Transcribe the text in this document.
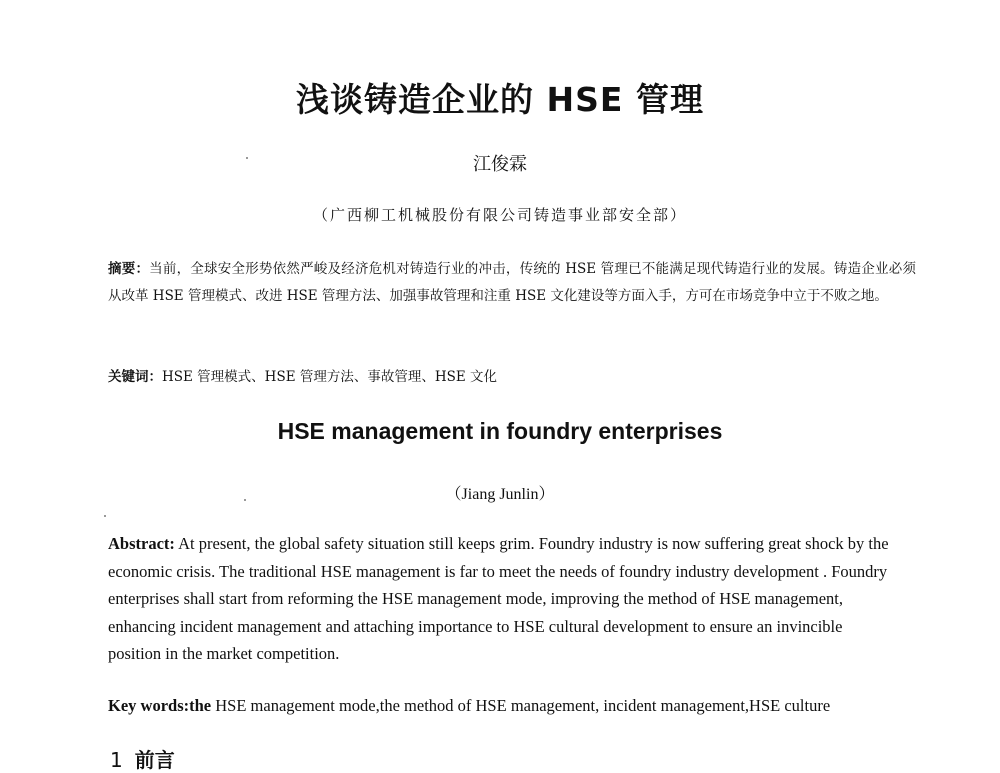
浅谈铸造企业的 HSE 管理

江俊霖

（广西柳工机械股份有限公司铸造事业部安全部）

摘要：当前，全球安全形势依然严峻及经济危机对铸造行业的冲击，传统的 HSE 管理已不能满足现代铸造行业的发展。铸造企业必须从改革 HSE 管理模式、改进 HSE 管理方法、加强事故管理和注重 HSE 文化建设等方面入手，方可在市场竞争中立于不败之地。

关键词：HSE 管理模式、HSE 管理方法、事故管理、HSE 文化

HSE management in foundry enterprises

（Jiang Junlin）

Abstract: At present, the global safety situation still keeps grim. Foundry industry is now suffering great shock by the economic crisis. The traditional HSE management is far to meet the needs of foundry industry development . Foundry enterprises shall start from reforming the HSE management mode, improving the method of HSE management, enhancing incident management and attaching importance to HSE cultural development to ensure an invincible position in the market competition.

Key words:the HSE management mode,the method of HSE management, incident management,HSE culture

1 前言
